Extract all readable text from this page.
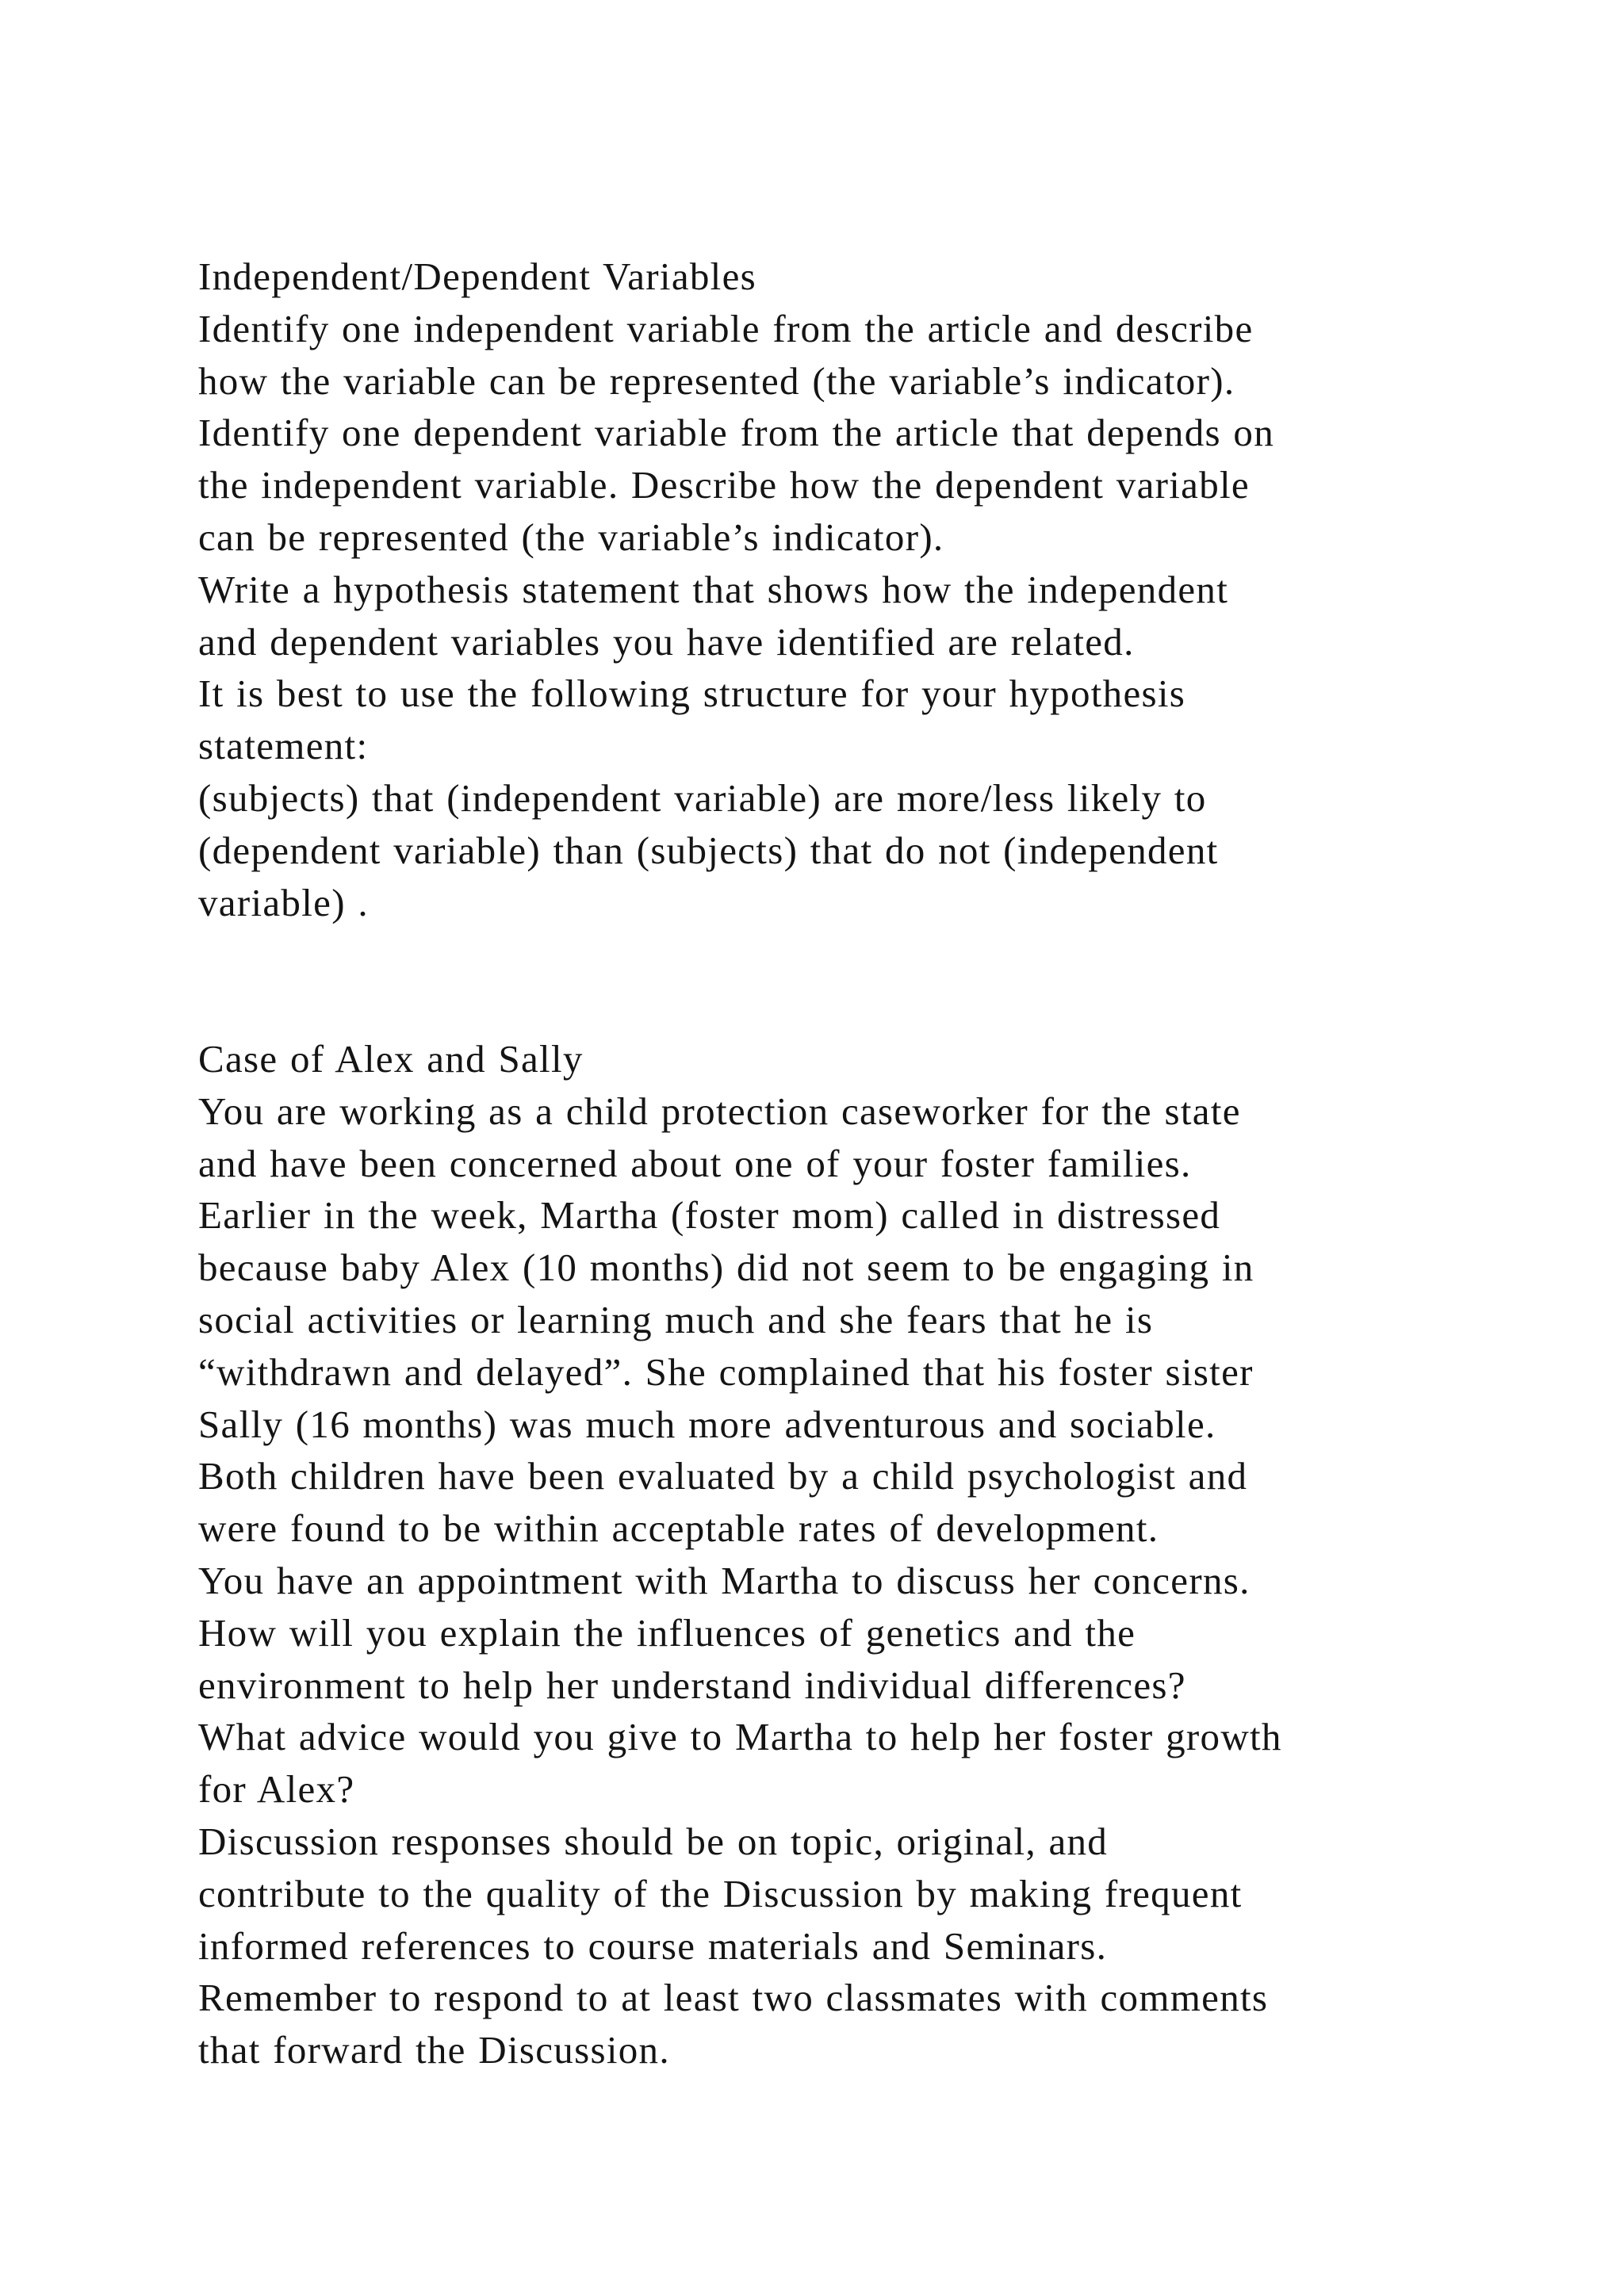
Independent/Dependent Variables
Identify one independent variable from the article and describe
how the variable can be represented (the variable’s indicator).
Identify one dependent variable from the article that depends on
the independent variable. Describe how the dependent variable
can be represented (the variable’s indicator).
Write a hypothesis statement that shows how the independent
and dependent variables you have identified are related.
It is best to use the following structure for your hypothesis
statement:
(subjects) that (independent variable) are more/less likely to
(dependent variable) than (subjects) that do not (independent
variable) .
Case of Alex and Sally
You are working as a child protection caseworker for the state
and have been concerned about one of your foster families.
Earlier in the week, Martha (foster mom) called in distressed
because baby Alex (10 months) did not seem to be engaging in
social activities or learning much and she fears that he is
“withdrawn and delayed”. She complained that his foster sister
Sally (16 months) was much more adventurous and sociable.
Both children have been evaluated by a child psychologist and
were found to be within acceptable rates of development.
You have an appointment with Martha to discuss her concerns.
How will you explain the influences of genetics and the
environment to help her understand individual differences?
What advice would you give to Martha to help her foster growth
for Alex?
Discussion responses should be on topic, original, and
contribute to the quality of the Discussion by making frequent
informed references to course materials and Seminars.
Remember to respond to at least two classmates with comments
that forward the Discussion.
